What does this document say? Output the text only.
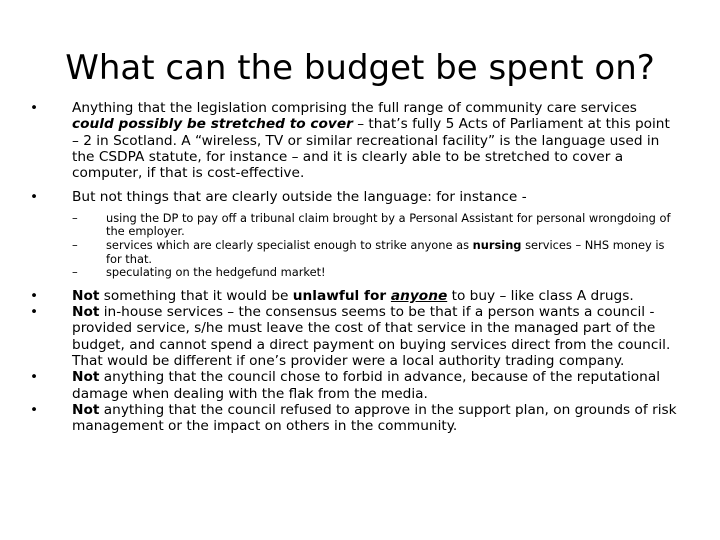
What can the budget be spent on?
• Anything that the legislation comprising the full range of community care services could possibly be stretched to cover – that’s fully 5 Acts of Parliament at this point – 2 in Scotland. A “wireless, TV or similar recreational facility” is the language used in the CSDPA statute, for instance – and it is clearly able to be stretched to cover a computer, if that is cost-effective.
• But not things that are clearly outside the language: for instance -
– using the DP to pay off a tribunal claim brought by a Personal Assistant for personal wrongdoing of the employer.
– services which are clearly specialist enough to strike anyone as nursing services – NHS money is for that.
– speculating on the hedgefund market!
• Not something that it would be unlawful for anyone to buy – like class A drugs.
• Not in-house services – the consensus seems to be that if a person wants a council -provided service, s/he must leave the cost of that service in the managed part of the budget, and cannot spend a direct payment on buying services direct from the council. That would be different if one’s provider were a local authority trading company.
• Not anything that the council chose to forbid in advance, because of the reputational damage when dealing with the flak from the media.
• Not anything that the council refused to approve in the support plan, on grounds of risk management or the impact on others in the community.
